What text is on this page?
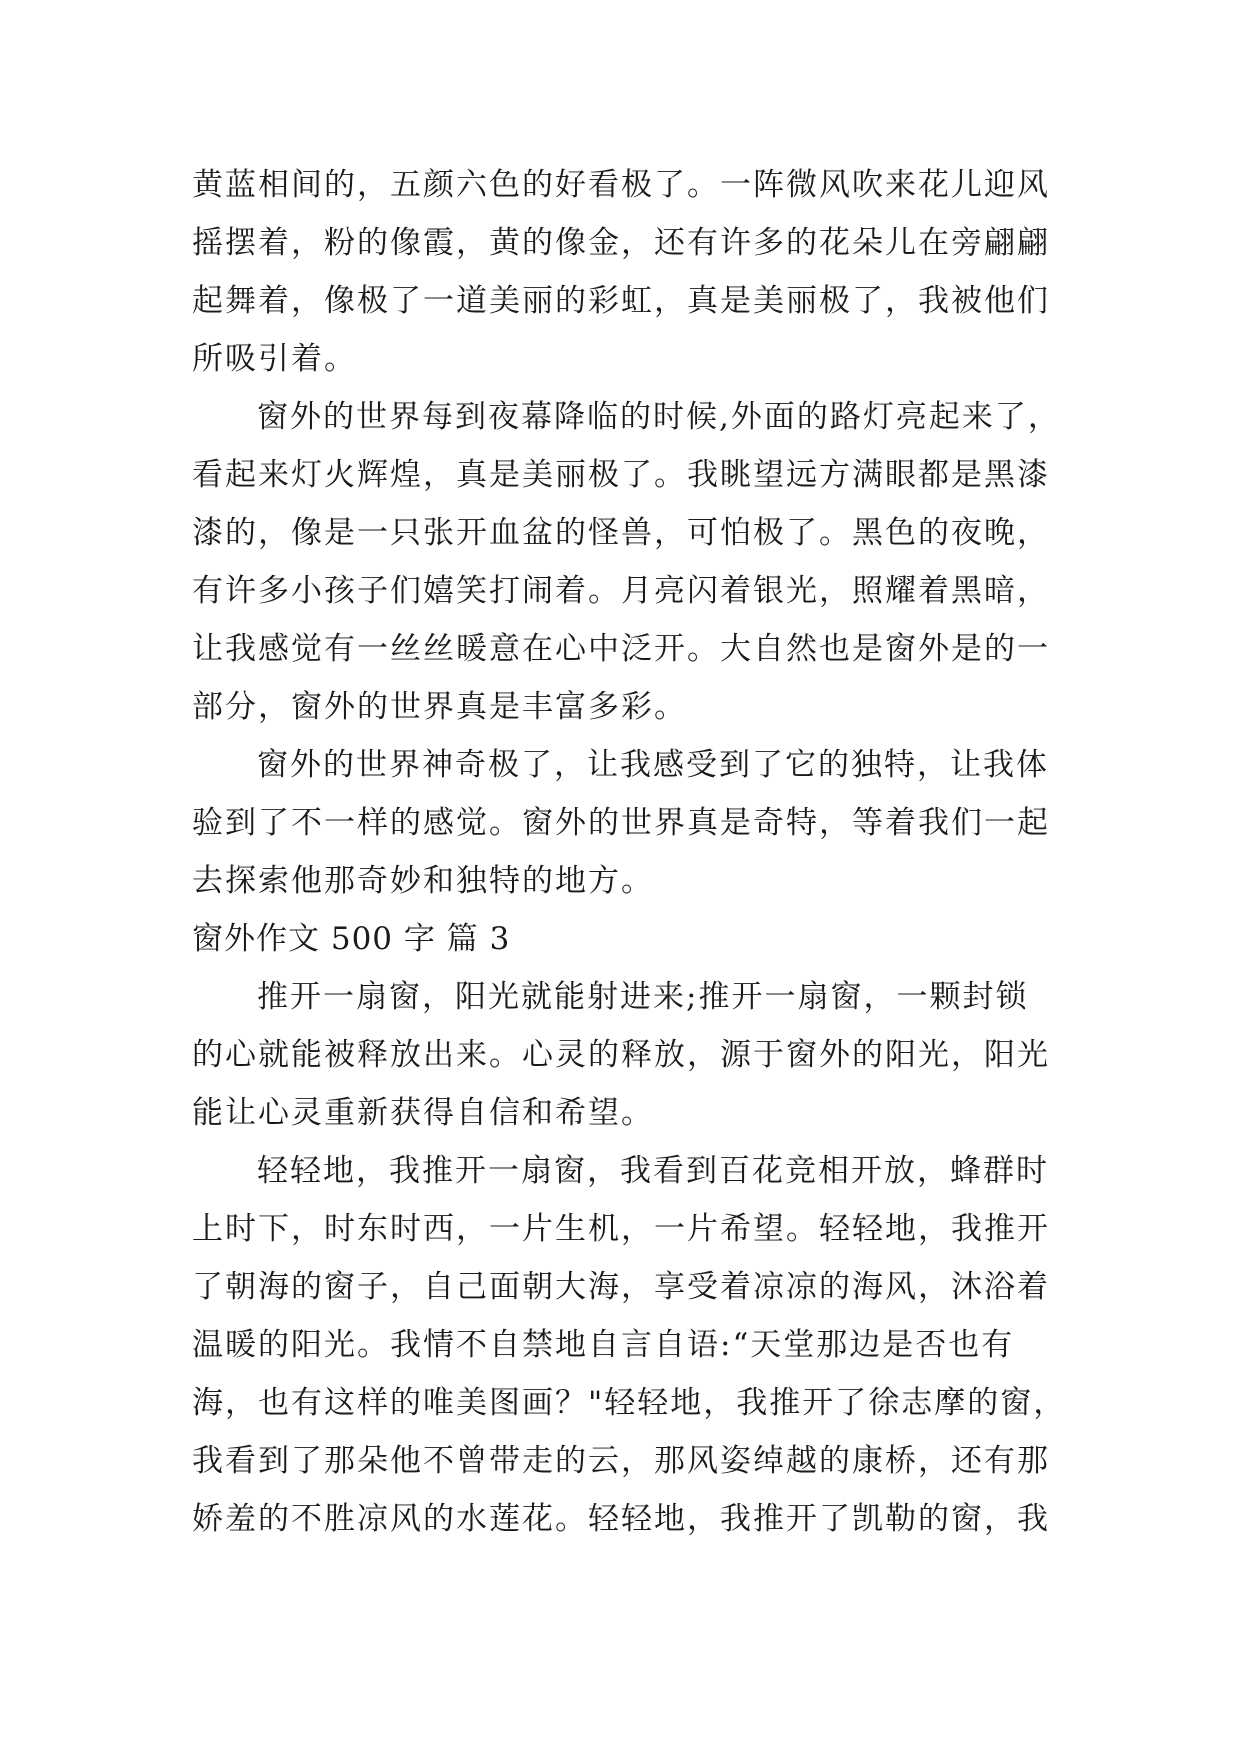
黄蓝相间的，五颜六色的好看极了。一阵微风吹来花儿迎风
摇摆着，粉的像霞，黄的像金，还有许多的花朵儿在旁翩翩
起舞着，像极了一道美丽的彩虹，真是美丽极了，我被他们
所吸引着。

窗外的世界每到夜幕降临的时候,外面的路灯亮起来了，
看起来灯火辉煌，真是美丽极了。我眺望远方满眼都是黑漆
漆的，像是一只张开血盆的怪兽，可怕极了。黑色的夜晚，
有许多小孩子们嬉笑打闹着。月亮闪着银光，照耀着黑暗，
让我感觉有一丝丝暖意在心中泛开。大自然也是窗外是的一
部分，窗外的世界真是丰富多彩。

窗外的世界神奇极了，让我感受到了它的独特，让我体
验到了不一样的感觉。窗外的世界真是奇特，等着我们一起
去探索他那奇妙和独特的地方。

窗外作文 500 字 篇 3

推开一扇窗，阳光就能射进来;推开一扇窗，一颗封锁
的心就能被释放出来。心灵的释放，源于窗外的阳光，阳光
能让心灵重新获得自信和希望。

轻轻地，我推开一扇窗，我看到百花竞相开放，蜂群时
上时下，时东时西，一片生机，一片希望。轻轻地，我推开
了朝海的窗子，自己面朝大海，享受着凉凉的海风，沐浴着
温暖的阳光。我情不自禁地自言自语:“天堂那边是否也有
海，也有这样的唯美图画？"轻轻地，我推开了徐志摩的窗，
我看到了那朵他不曾带走的云，那风姿绰越的康桥，还有那
娇羞的不胜凉风的水莲花。轻轻地，我推开了凯勒的窗，我
